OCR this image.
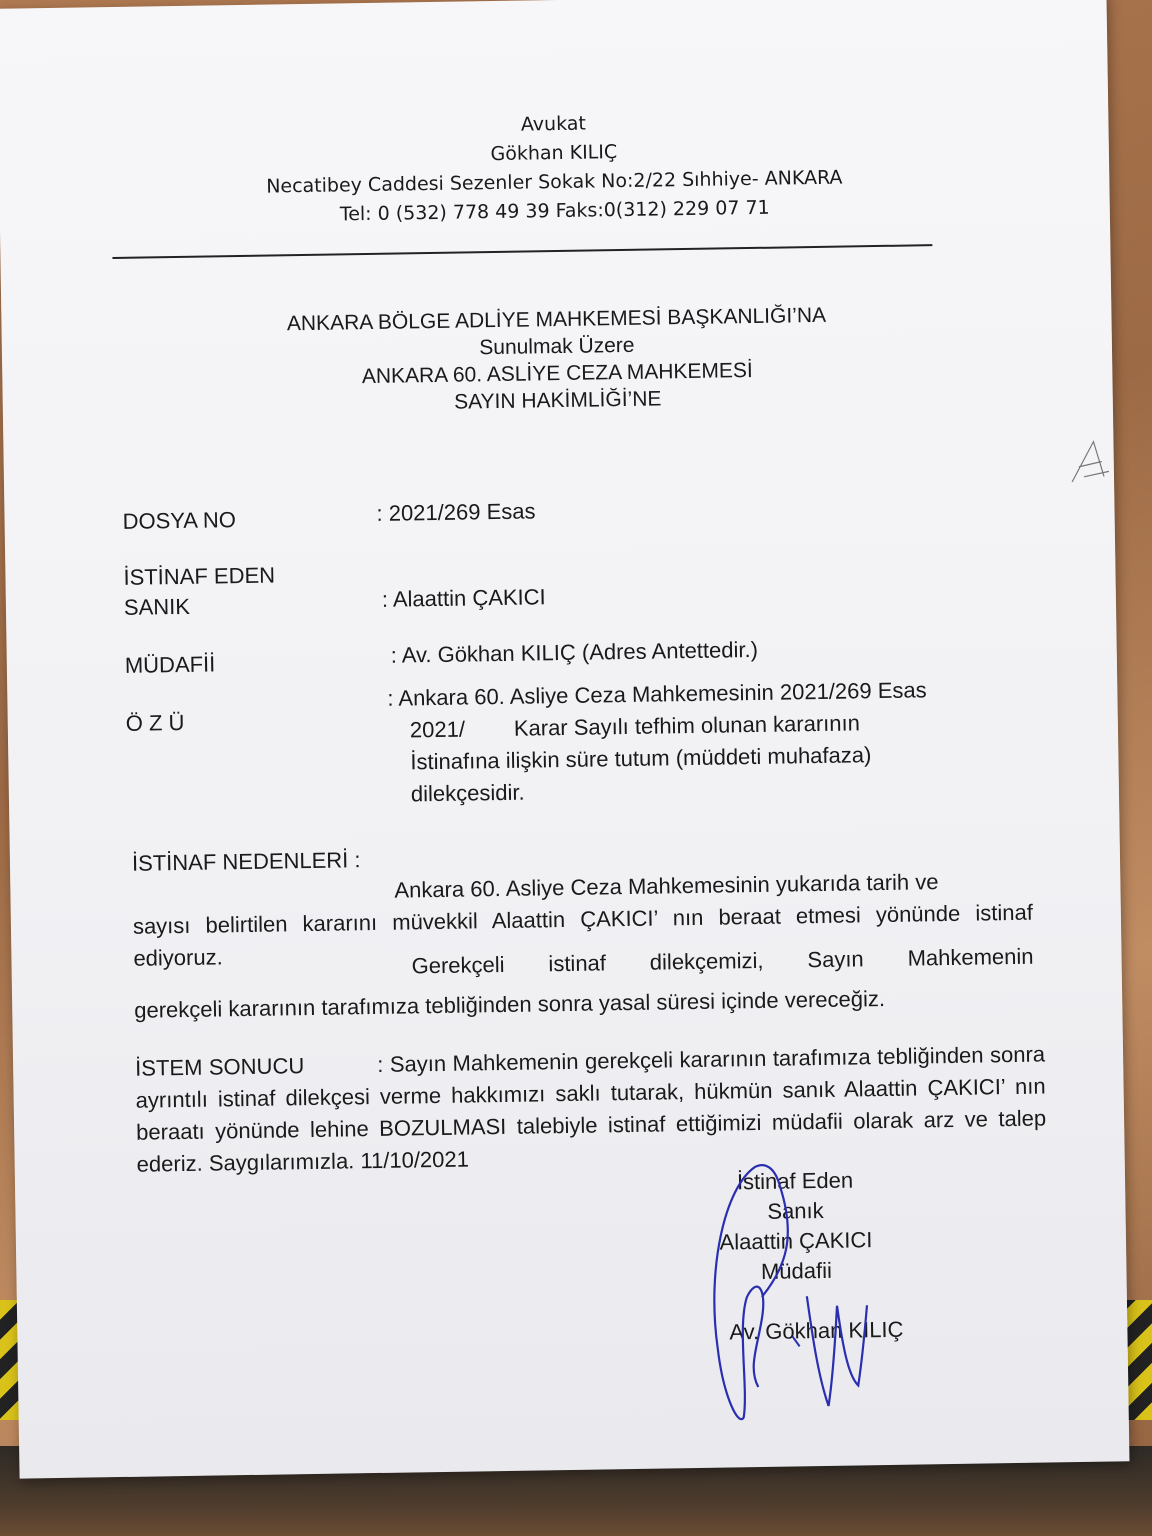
Avukat
Gökhan KILIÇ
Necatibey Caddesi Sezenler Sokak No:2/22 Sıhhiye- ANKARA
Tel: 0 (532) 778 49 39 Faks:0(312) 229 07 71
ANKARA BÖLGE ADLİYE MAHKEMESİ BAŞKANLIĞI’NA
Sunulmak Üzere
ANKARA 60. ASLİYE CEZA MAHKEMESİ
SAYIN HAKİMLİĞİ’NE
DOSYA NO	: 2021/269 Esas
İSTİNAF EDEN
SANIK	: Alaattin ÇAKICI
MÜDAFİİ	: Av. Gökhan KILIÇ (Adres Antettedir.)
Ö Z Ü
: Ankara 60. Asliye Ceza Mahkemesinin 2021/269 Esas
2021/        Karar Sayılı tefhim olunan kararının
İstinafına ilişkin süre tutum (müddeti muhafaza)
dilekçesidir.
İSTİNAF NEDENLERİ :
Ankara 60. Asliye Ceza Mahkemesinin yukarıda tarih ve
sayısı belirtilen kararını müvekkil Alaattin ÇAKICI’ nın beraat etmesi yönünde istinaf ediyoruz.	Gerekçeli istinaf dilekçemizi, Sayın Mahkemenin
gerekçeli kararının tarafımıza tebliğinden sonra yasal süresi içinde vereceğiz.
İSTEM SONUCU	: Sayın Mahkemenin gerekçeli kararının tarafımıza tebliğinden sonra ayrıntılı istinaf dilekçesi verme hakkımızı saklı tutarak, hükmün sanık Alaattin ÇAKICI’ nın beraatı yönünde lehine BOZULMASI talebiyle istinaf ettiğimizi müdafii olarak arz ve talep ederiz. Saygılarımızla. 11/10/2021
İstinaf Eden
Sanık
Alaattin ÇAKICI
Müdafii
Av. Gökhan KILIÇ
